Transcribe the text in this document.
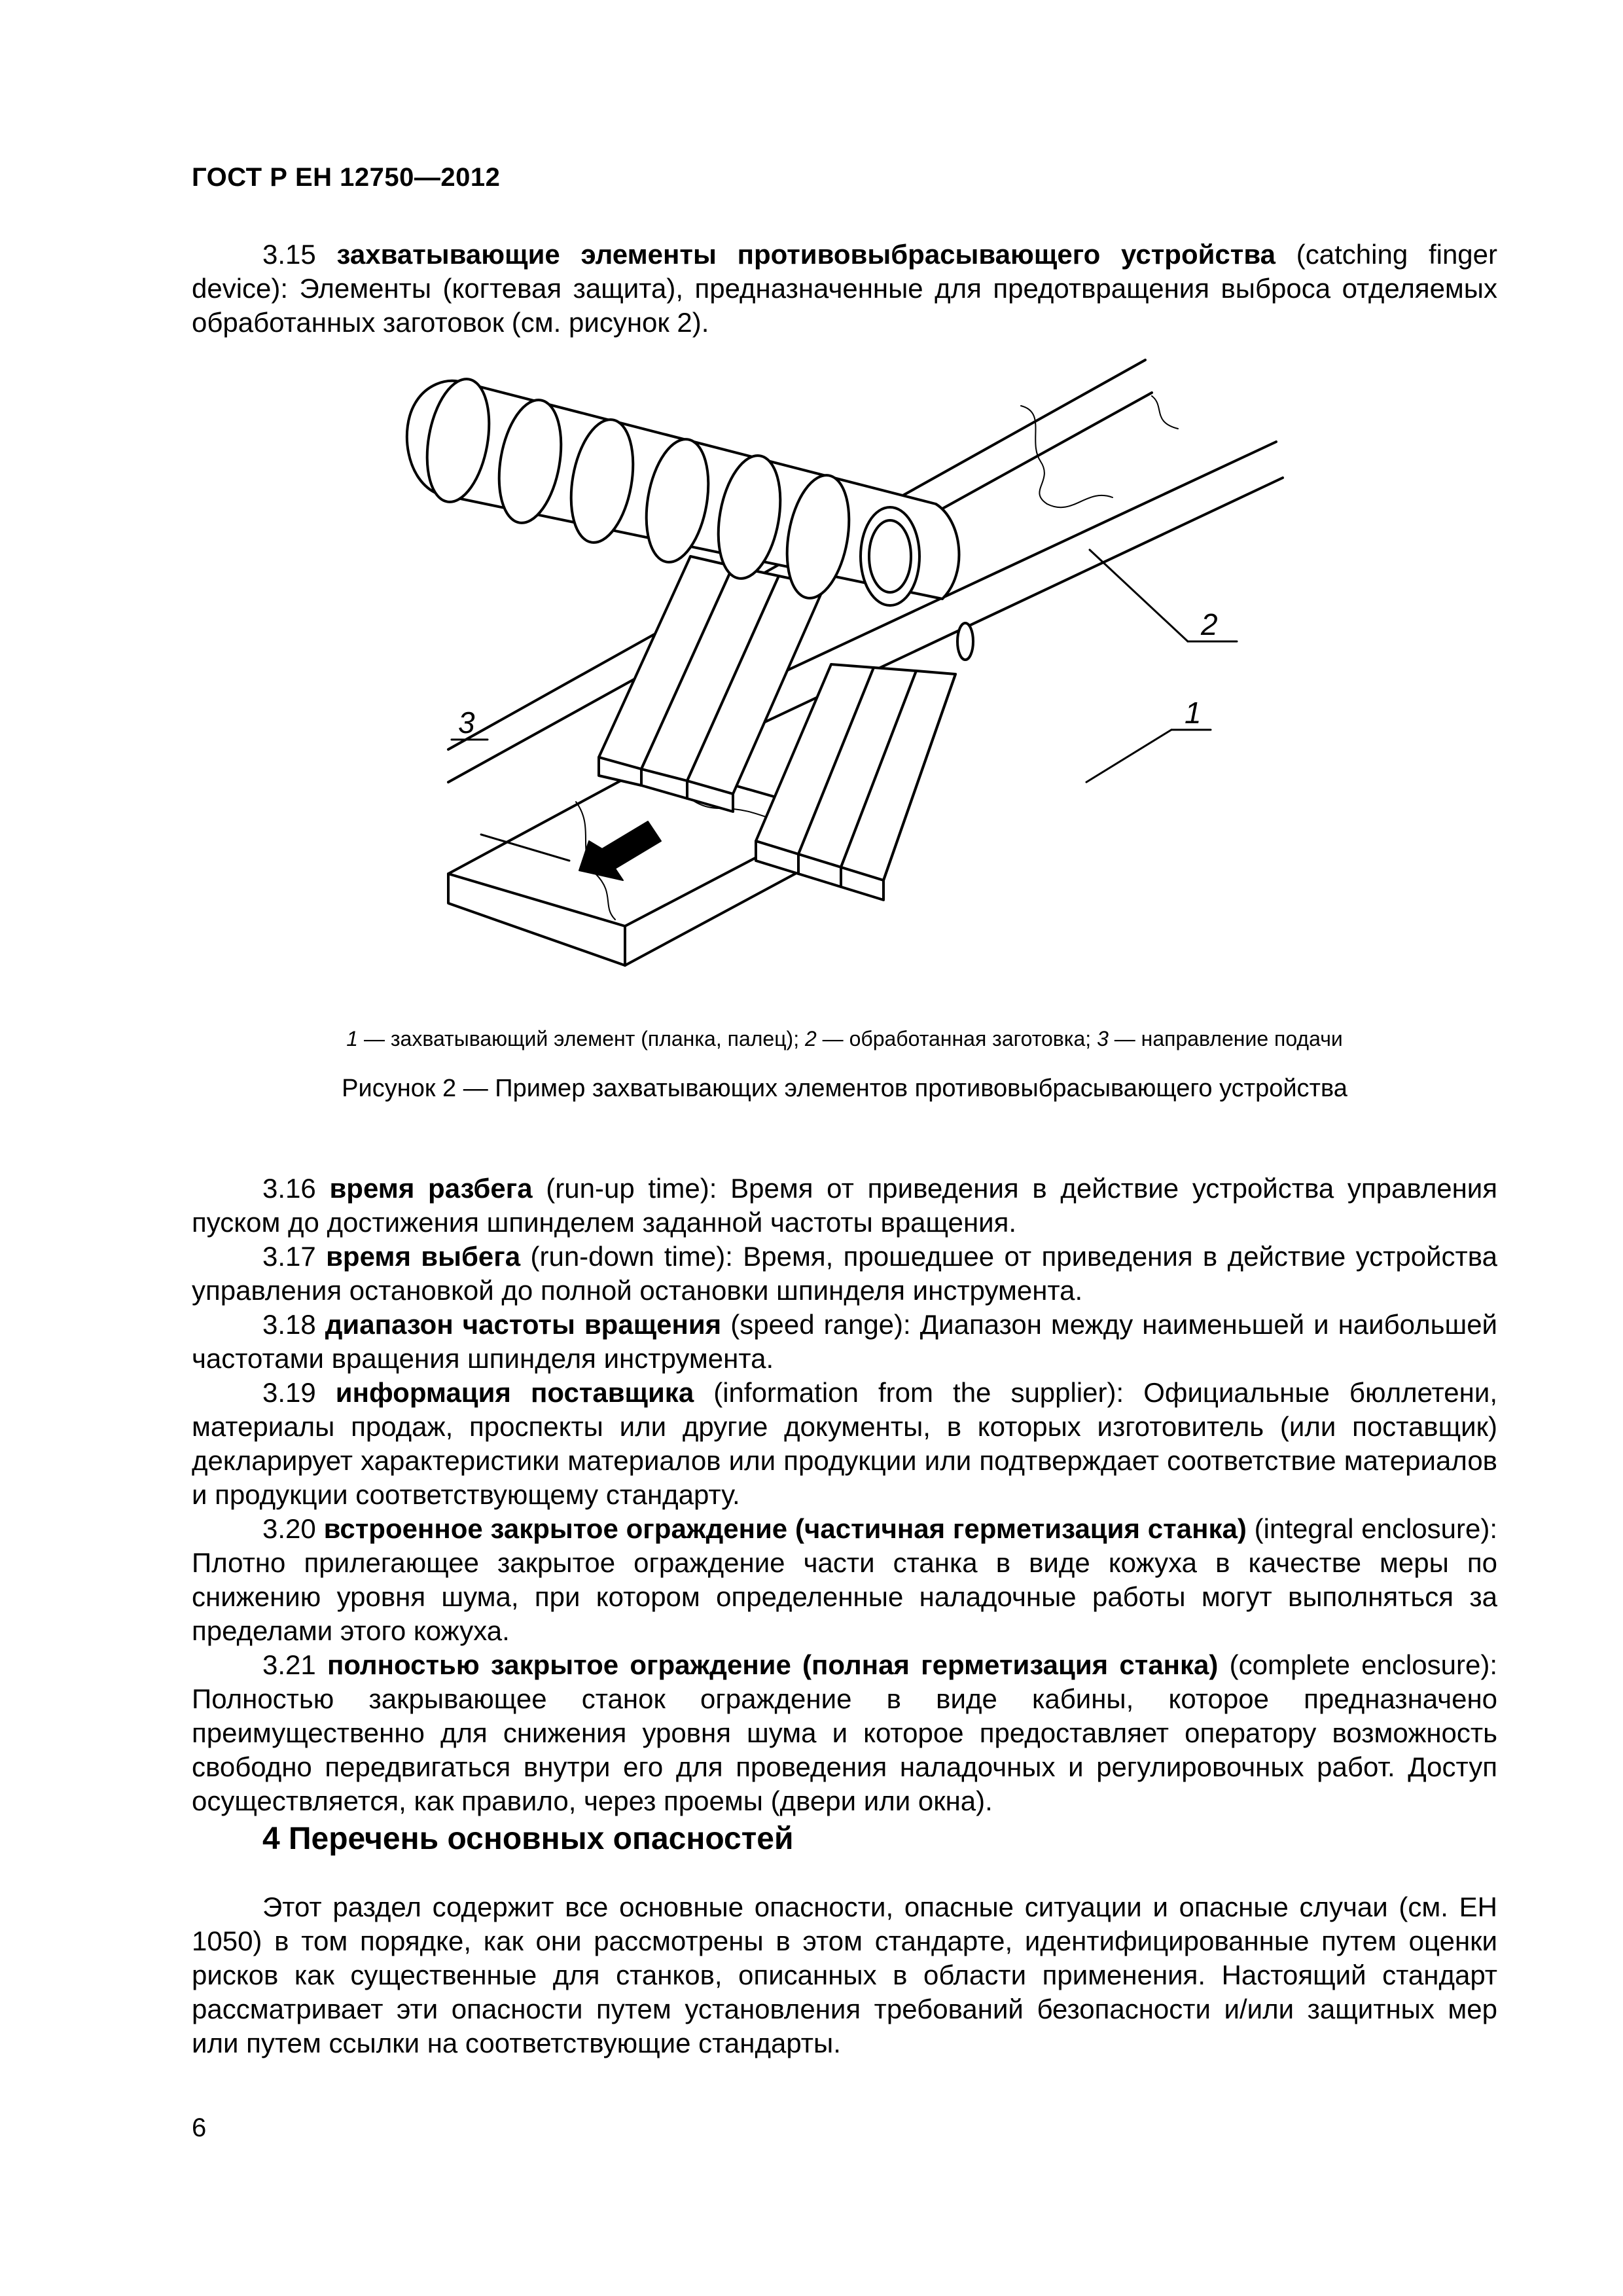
ГОСТ Р ЕН 12750—2012

3.15 захватывающие элементы противовыбрасывающего устройства (catching finger device): Элементы (когтевая защита), предназначенные для предотвращения выброса отделяемых обработанных заготовок (см. рисунок 2).

1
2
3
1 — захватывающий элемент (планка, палец); 2 — обработанная заготовка; 3 — направление подачи
Рисунок 2 — Пример захватывающих элементов противовыбрасывающего устройства

3.16 время разбега (run-up time): Время от приведения в действие устройства управления пуском до достижения шпинделем заданной частоты вращения.

3.17 время выбега (run-down time): Время, прошедшее от приведения в действие устройства управления остановкой до полной остановки шпинделя инструмента.

3.18 диапазон частоты вращения (speed range): Диапазон между наименьшей и наибольшей частотами вращения шпинделя инструмента.

3.19 информация поставщика (information from the supplier): Официальные бюллетени, материалы продаж, проспекты или другие документы, в которых изготовитель (или поставщик) декларирует характеристики материалов или продукции или подтверждает соответствие материалов и продукции соответствующему стандарту.

3.20 встроенное закрытое ограждение (частичная герметизация станка) (integral enclosure): Плотно прилегающее закрытое ограждение части станка в виде кожуха в качестве меры по снижению уровня шума, при котором определенные наладочные работы могут выполняться за пределами этого кожуха.

3.21 полностью закрытое ограждение (полная герметизация станка) (complete enclosure): Полностью закрывающее станок ограждение в виде кабины, которое предназначено преимущественно для снижения уровня шума и которое предоставляет оператору возможность свободно передвигаться внутри его для проведения наладочных и регулировочных работ. Доступ осуществляется, как правило, через проемы (двери или окна).

4 Перечень основных опасностей

Этот раздел содержит все основные опасности, опасные ситуации и опасные случаи (см. ЕН 1050) в том порядке, как они рассмотрены в этом стандарте, идентифицированные путем оценки рисков как существенные для станков, описанных в области применения. Настоящий стандарт рассматривает эти опасности путем установления требований безопасности и/или защитных мер или путем ссылки на соответствующие стандарты.

6
